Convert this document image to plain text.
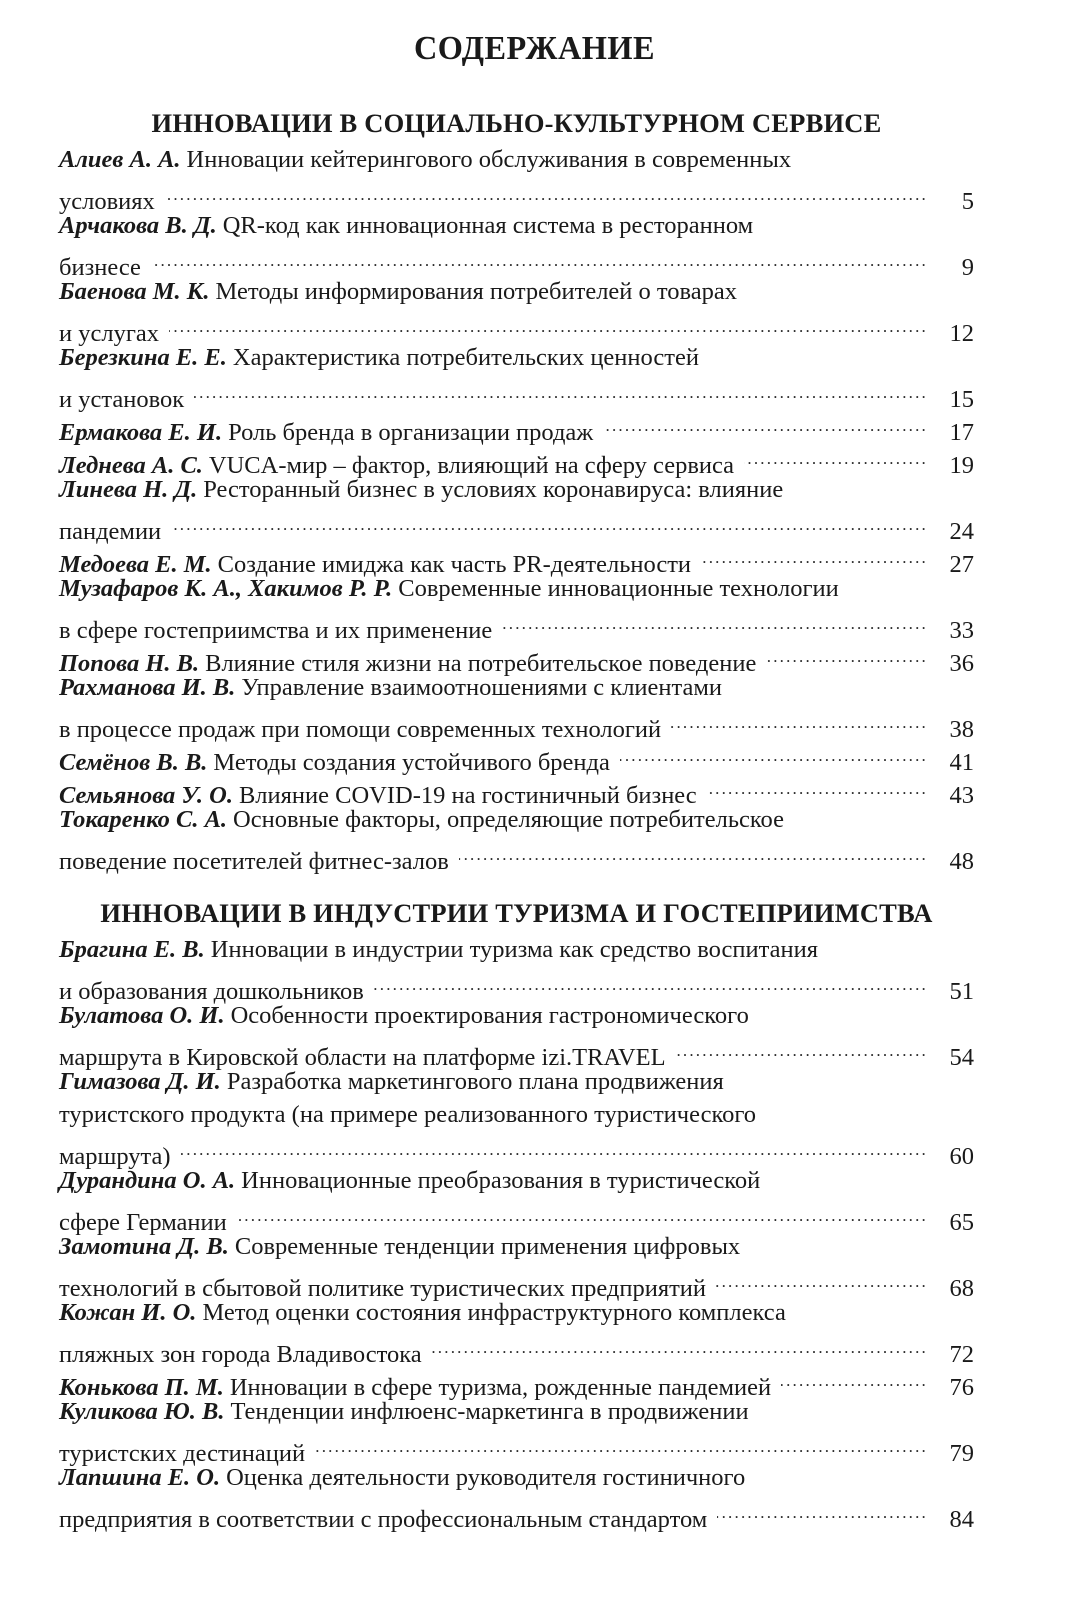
СОДЕРЖАНИЕ
ИННОВАЦИИ В СОЦИАЛЬНО-КУЛЬТУРНОМ СЕРВИСЕ
Алиев А. А. Инновации кейтерингового обслуживания в современных
условиях .....	5
Арчакова В. Д. QR-код как инновационная система в ресторанном
бизнесе .....	9
Баенова М. К. Методы информирования потребителей о товарах
и услугах .....	12
Березкина Е. Е. Характеристика потребительских ценностей
и установок .....	15
Ермакова Е. И. Роль бренда в организации продаж .....	17
Леднева А. С. VUCA-мир – фактор, влияющий на сферу сервиса .....	19
Линева Н. Д. Ресторанный бизнес в условиях коронавируса: влияние
пандемии .....	24
Медоева Е. М. Создание имиджа как часть PR-деятельности .....	27
Музафаров К. А., Хакимов Р. Р. Современные инновационные технологии
в сфере гостеприимства и их применение .....	33
Попова Н. В. Влияние стиля жизни на потребительское поведение .....	36
Рахманова И. В. Управление взаимоотношениями с клиентами
в процессе продаж при помощи современных технологий .....	38
Семёнов В. В. Методы создания устойчивого бренда .....	41
Семьянова У. О. Влияние COVID-19 на гостиничный бизнес .....	43
Токаренко С. А. Основные факторы, определяющие потребительское
поведение посетителей фитнес-залов .....	48
ИННОВАЦИИ В ИНДУСТРИИ ТУРИЗМА И ГОСТЕПРИИМСТВА
Брагина Е. В. Инновации в индустрии туризма как средство воспитания
и образования дошкольников .....	51
Булатова О. И. Особенности проектирования гастрономического
маршрута в Кировской области на платформе izi.TRAVEL .....	54
Гимазова Д. И. Разработка маркетингового плана продвижения
туристского продукта (на примере реализованного туристического
маршрута) .....	60
Дурандина О. А. Инновационные преобразования в туристической
сфере Германии .....	65
Замотина Д. В. Современные тенденции применения цифровых
технологий в сбытовой политике туристических предприятий .....	68
Кожан И. О. Метод оценки состояния инфраструктурного комплекса
пляжных зон города Владивостока .....	72
Конькова П. М. Инновации в сфере туризма, рожденные пандемией .....	76
Куликова Ю. В. Тенденции инфлюенс-маркетинга в продвижении
туристских дестинаций .....	79
Лапшина Е. О. Оценка деятельности руководителя гостиничного
предприятия в соответствии с профессиональным стандартом .....	84
